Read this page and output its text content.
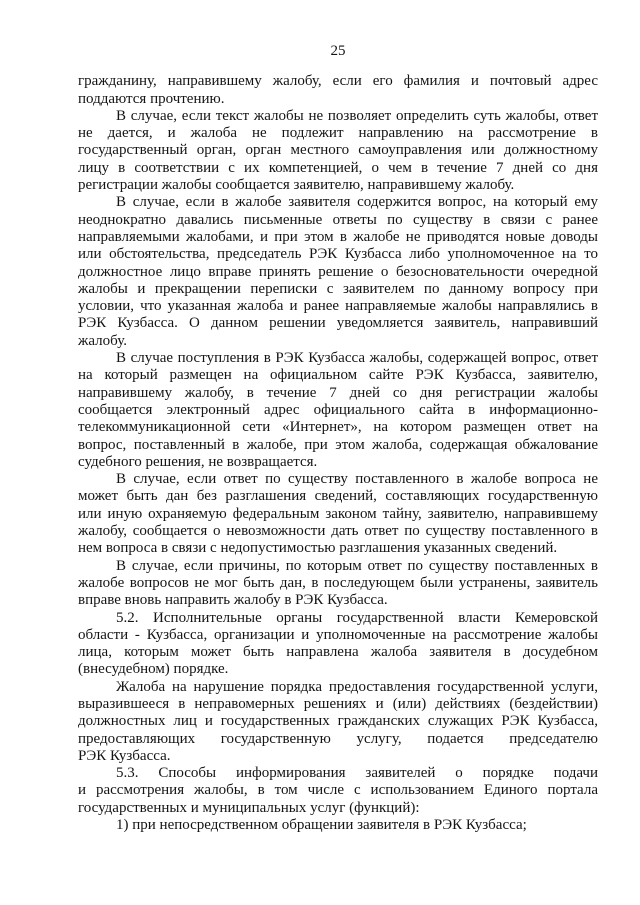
25
гражданину, направившему жалобу, если его фамилия и почтовый адрес
поддаются прочтению.
В случае, если текст жалобы не позволяет определить суть жалобы, ответ
не дается, и жалоба не подлежит направлению на рассмотрение в
государственный орган, орган местного самоуправления или должностному
лицу в соответствии с их компетенцией, о чем в течение 7 дней со дня
регистрации жалобы сообщается заявителю, направившему жалобу.
В случае, если в жалобе заявителя содержится вопрос, на который ему
неоднократно давались письменные ответы по существу в связи с ранее
направляемыми жалобами, и при этом в жалобе не приводятся новые доводы
или обстоятельства, председатель РЭК Кузбасса либо уполномоченное на то
должностное лицо вправе принять решение о безосновательности очередной
жалобы и прекращении переписки с заявителем по данному вопросу при
условии, что указанная жалоба и ранее направляемые жалобы направлялись в
РЭК Кузбасса. О данном решении уведомляется заявитель, направивший
жалобу.
В случае поступления в РЭК Кузбасса жалобы, содержащей вопрос, ответ
на который размещен на официальном сайте РЭК Кузбасса, заявителю,
направившему жалобу, в течение 7 дней со дня регистрации жалобы
сообщается электронный адрес официального сайта в информационно-
телекоммуникационной сети «Интернет», на котором размещен ответ на
вопрос, поставленный в жалобе, при этом жалоба, содержащая обжалование
судебного решения, не возвращается.
В случае, если ответ по существу поставленного в жалобе вопроса не
может быть дан без разглашения сведений, составляющих государственную
или иную охраняемую федеральным законом тайну, заявителю, направившему
жалобу, сообщается о невозможности дать ответ по существу поставленного в
нем вопроса в связи с недопустимостью разглашения указанных сведений.
В случае, если причины, по которым ответ по существу поставленных в
жалобе вопросов не мог быть дан, в последующем были устранены, заявитель
вправе вновь направить жалобу в РЭК Кузбасса.
5.2. Исполнительные органы государственной власти Кемеровской
области - Кузбасса, организации и уполномоченные на рассмотрение жалобы
лица, которым может быть направлена жалоба заявителя в досудебном
(внесудебном) порядке.
Жалоба на нарушение порядка предоставления государственной услуги,
выразившееся в неправомерных решениях и (или) действиях (бездействии)
должностных лиц и государственных гражданских служащих РЭК Кузбасса,
предоставляющих государственную услугу, подается председателю
РЭК Кузбасса.
5.3. Способы информирования заявителей о порядке подачи
и рассмотрения жалобы, в том числе с использованием Единого портала
государственных и муниципальных услуг (функций):
1) при непосредственном обращении заявителя в РЭК Кузбасса;
